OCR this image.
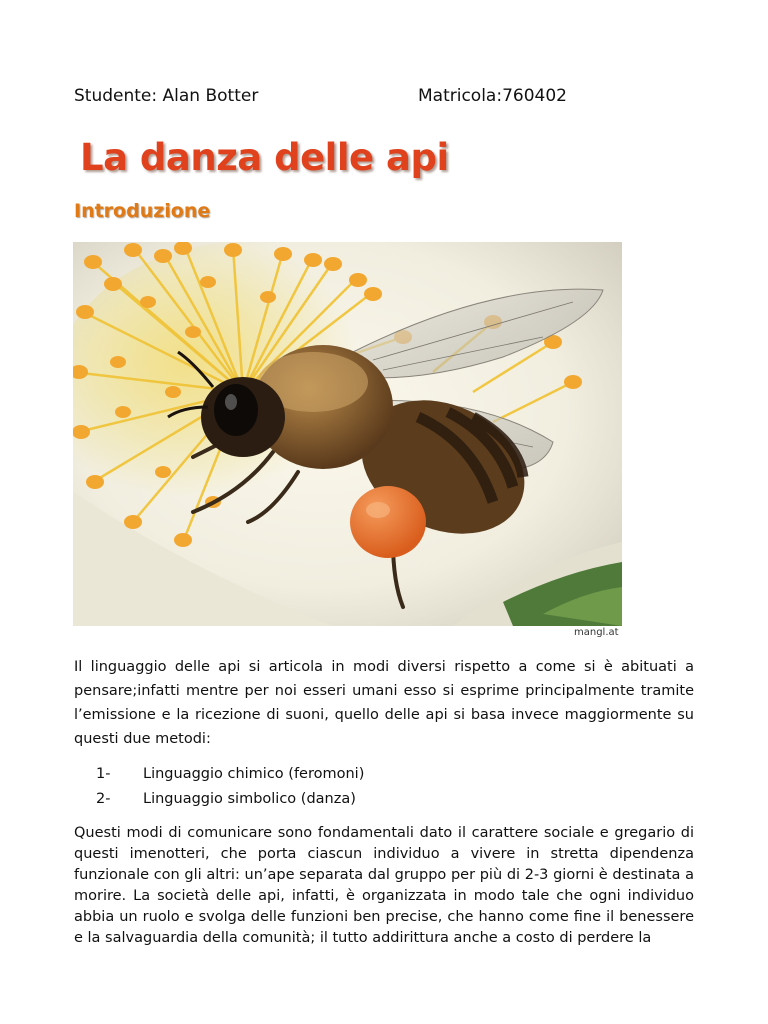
Studente: Alan Botter	Matricola:760402
La danza delle api
Introduzione
mangl.at

Il linguaggio delle api si articola in modi diversi rispetto a come si è abituati a pensare;infatti mentre per noi esseri umani esso si esprime principalmente tramite l’emissione e la ricezione di suoni, quello delle api si basa invece maggiormente su questi due metodi:

1-	Linguaggio chimico (feromoni)
2-	Linguaggio simbolico (danza)

Questi modi di comunicare sono fondamentali dato il carattere sociale e gregario di questi imenotteri, che porta ciascun individuo a vivere in stretta dipendenza funzionale con gli altri: un’ape separata dal gruppo per più di 2-3 giorni è destinata a morire. La società delle api, infatti, è organizzata in modo tale che ogni individuo abbia un ruolo e svolga delle funzioni ben precise, che hanno come fine il benessere e la salvaguardia della comunità; il tutto addirittura anche a costo di perdere la
